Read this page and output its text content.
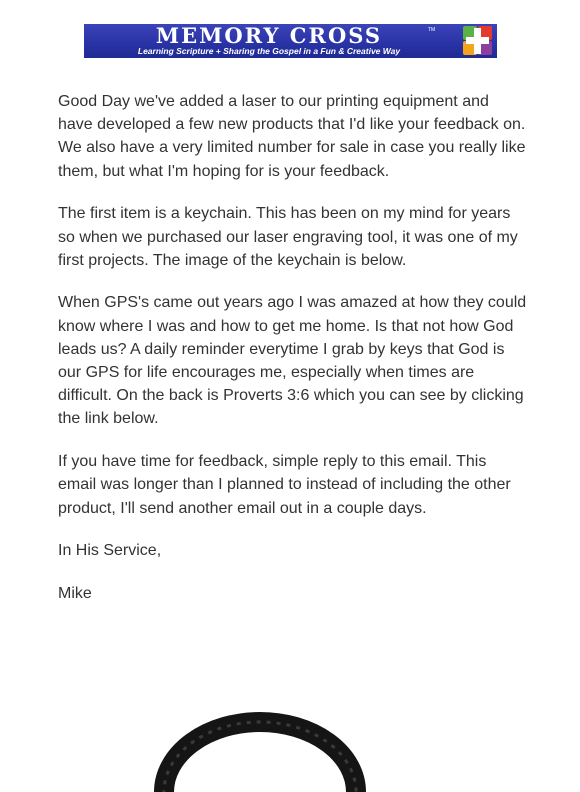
MEMORY CROSS	TM
Learning Scripture + Sharing the Gospel in a Fun & Creative Way

Good Day we've added a laser to our printing equipment and have developed a few new products that I'd like your feedback on. We also have a very limited number for sale in case you really like them, but what I'm hoping for is your feedback.

The first item is a keychain. This has been on my mind for years so when we purchased our laser engraving tool, it was one of my first projects. The image of the keychain is below.

When GPS's came out years ago I was amazed at how they could know where I was and how to get me home. Is that not how God leads us? A daily reminder everytime I grab by keys that God is our GPS for life encourages me, especially when times are difficult. On the back is Proverts 3:6 which you can see by clicking the link below.

If you have time for feedback, simple reply to this email. This email was longer than I planned to instead of including the other product, I'll send another email out in a couple days.

In His Service,

Mike
